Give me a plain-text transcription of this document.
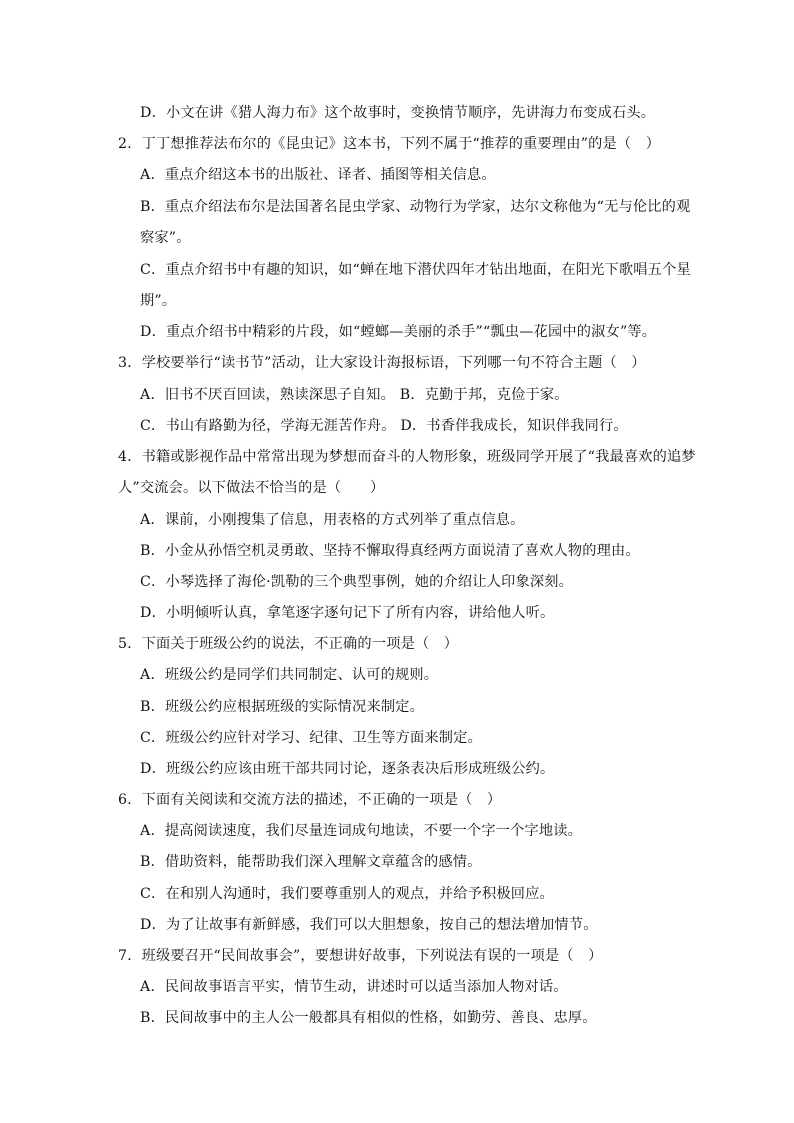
D．小文在讲《猎人海力布》这个故事时，变换情节顺序，先讲海力布变成石头。
2．丁丁想推荐法布尔的《昆虫记》这本书，下列不属于“推荐的重要理由”的是（　）
A．重点介绍这本书的出版社、译者、插图等相关信息。
B．重点介绍法布尔是法国著名昆虫学家、动物行为学家，达尔文称他为“无与伦比的观
察家”。
C．重点介绍书中有趣的知识，如“蝉在地下潜伏四年才钻出地面，在阳光下歌唱五个星
期”。
D．重点介绍书中精彩的片段，如“螳螂—美丽的杀手”“瓢虫—花园中的淑女”等。
3．学校要举行“读书节”活动，让大家设计海报标语，下列哪一句不符合主题（　）
A．旧书不厌百回读，熟读深思子自知。 B．克勤于邦，克俭于家。
C．书山有路勤为径，学海无涯苦作舟。 D．书香伴我成长，知识伴我同行。
4．书籍或影视作品中常常出现为梦想而奋斗的人物形象，班级同学开展了“我最喜欢的追梦
人”交流会。以下做法不恰当的是（　　）
A．课前，小刚搜集了信息，用表格的方式列举了重点信息。
B．小金从孙悟空机灵勇敢、坚持不懈取得真经两方面说清了喜欢人物的理由。
C．小琴选择了海伦·凯勒的三个典型事例，她的介绍让人印象深刻。
D．小明倾听认真，拿笔逐字逐句记下了所有内容，讲给他人听。
5．下面关于班级公约的说法，不正确的一项是（　）
A．班级公约是同学们共同制定、认可的规则。
B．班级公约应根据班级的实际情况来制定。
C．班级公约应针对学习、纪律、卫生等方面来制定。
D．班级公约应该由班干部共同讨论，逐条表决后形成班级公约。
6．下面有关阅读和交流方法的描述，不正确的一项是（　）
A．提高阅读速度，我们尽量连词成句地读，不要一个字一个字地读。
B．借助资料，能帮助我们深入理解文章蕴含的感情。
C．在和别人沟通时，我们要尊重别人的观点，并给予积极回应。
D．为了让故事有新鲜感，我们可以大胆想象，按自己的想法增加情节。
7．班级要召开“民间故事会”，要想讲好故事，下列说法有误的一项是（　）
A．民间故事语言平实，情节生动，讲述时可以适当添加人物对话。
B．民间故事中的主人公一般都具有相似的性格，如勤劳、善良、忠厚。
